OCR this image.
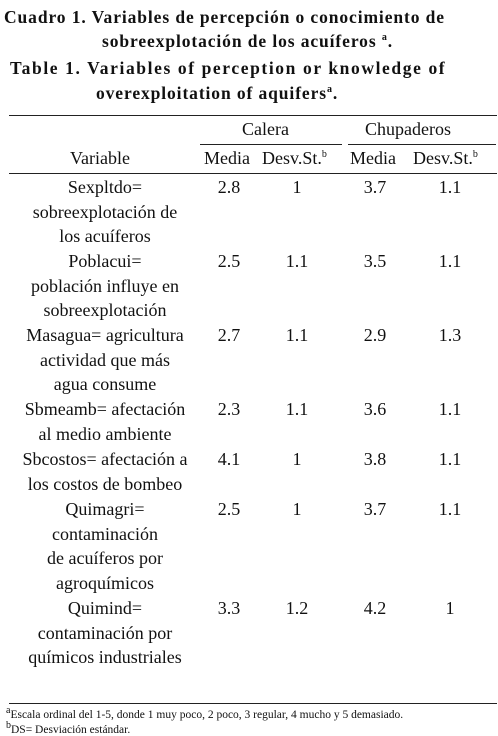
Cuadro 1. Variables de percepción o conocimiento de
sobreexplotación de los acuíferos $^a$.
Table 1. Variables of perception or knowledge of
overexploitation of aquifers$^a$.
Calera	Chupaderos
Variable	Media Desv.St.$^b$ Media Desv.St.$^b$
Sexpltdo=
sobreexplotación de
los acuíferos
2.8	1	3.7	1.1
Poblacui=
población influye en
sobreexplotación
2.5	1.1	3.5	1.1
Masagua= agricultura
actividad que más
agua consume
2.7	1.1	2.9	1.3
Sbmeamb= afectación
al medio ambiente
2.3	1.1	3.6	1.1
Sbcostos= afectación a
los costos de bombeo
4.1	1	3.8	1.1
Quimagri=
contaminación
de acuíferos por
agroquímicos
2.5	1	3.7	1.1
Quimind=
contaminación por
químicos industriales
3.3	1.2	4.2	1
$^a$Escala ordinal del 1-5, donde 1 muy poco, 2 poco, 3 regular, 4 mucho y 5 demasiado.
$^b$DS= Desviación estándar.
